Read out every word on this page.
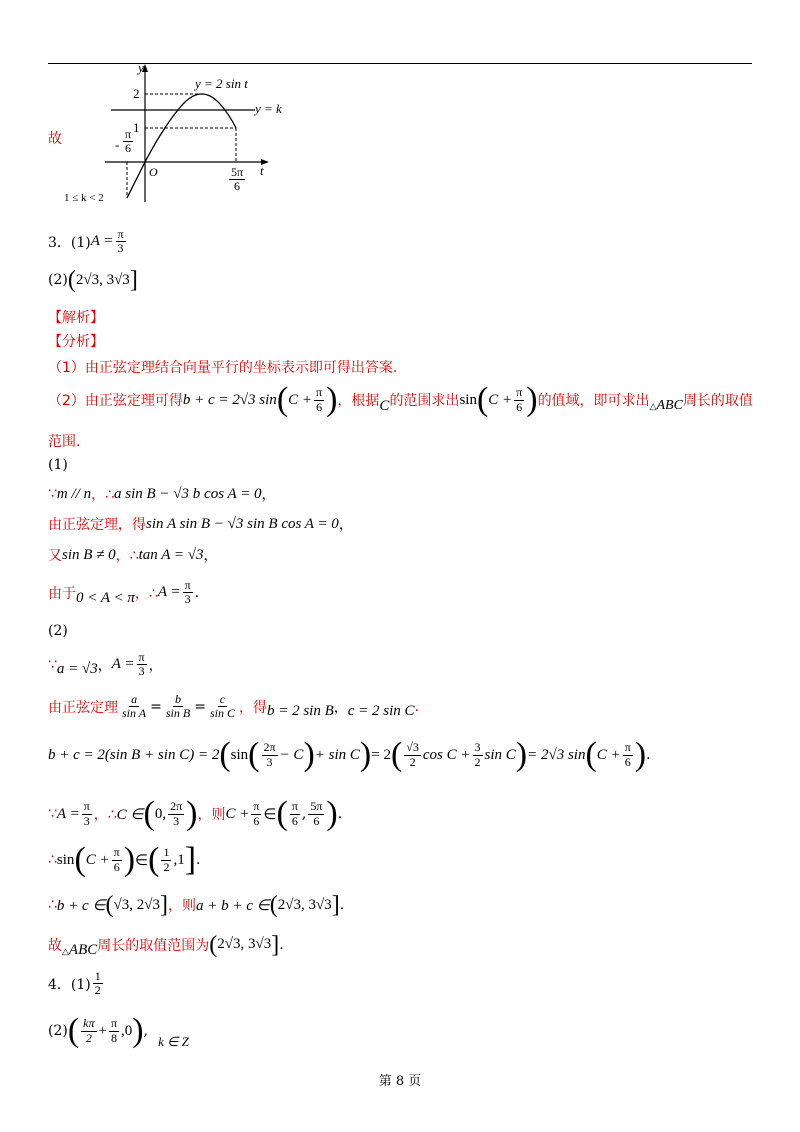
y
t
O
y = 2 sin t
y = k
2
1
- $\frac{\pi}{6}$
$\frac{5\pi}{6}$
故
1 ≤ k < 2
3．(1) $A = \frac{\pi}{3}$
(2) ( 2√3, 3√3 ]
【解析】
【分析】
（1）由正弦定理结合向量平行的坐标表示即可得出答案.
（2）由正弦定理可得 b + c = 2√3 sin ( $C + \frac{\pi}{6}$ ) ，根据 C 的范围求出 sin ( $C + \frac{\pi}{6}$ ) 的值域，即可求出 △ABC 周长的取值
范围.
(1)
∵ m // n ，∴ a sin B − √3 b cos A = 0 ，
由正弦定理，得 sin A sin B − √3 sin B cos A = 0 ，
又 sin B ≠ 0 ，∴ tan A = √3 ，
由于 0 < A < π ，∴ $A = \frac{\pi}{3}$ .
(2)
∵ a = √3 ， $A = \frac{\pi}{3}$ ，
由正弦定理 $\frac{a}{\text{sin A}} = \frac{b}{\text{sin B}} = \frac{c}{\text{sin C}}$ ，得 b = 2 sin B ， c = 2 sin C .
b + c = 2(sin B + sin C) = 2 ( sin ( $\frac{2\pi}{3} - C$ ) + sin C ) = 2 ( $\frac{√3}{2}$ $\cos C + \frac{3}{2}$ sin C ) = 2√3 sin ( $C + \frac{\pi}{6}$ ) .
∵ $A = \frac{\pi}{3}$ ，∴ C ∈ ( 0, $\frac{2\pi}{3}$ ) ，则 $C + \frac{\pi}{6}$ ∈ ( $\frac{\pi}{6}$ , $\frac{5\pi}{6}$ ) .
∴ sin ( $C + \frac{\pi}{6}$ ) ∈ ( $\frac{1}{2} ,1$ ] .
∴ b + c ∈ ( √3, 2√3 ] ，则 a + b + c ∈ ( 2√3, 3√3 ] .
故 △ABC 周长的取值范围为 ( 2√3, 3√3 ] .
4．$(1) \frac{1}{2}$
(2) ( $\frac{k\pi}{2} + \frac{\pi}{8} ,0$ ) ,
k ∈ Z
第 8 页
